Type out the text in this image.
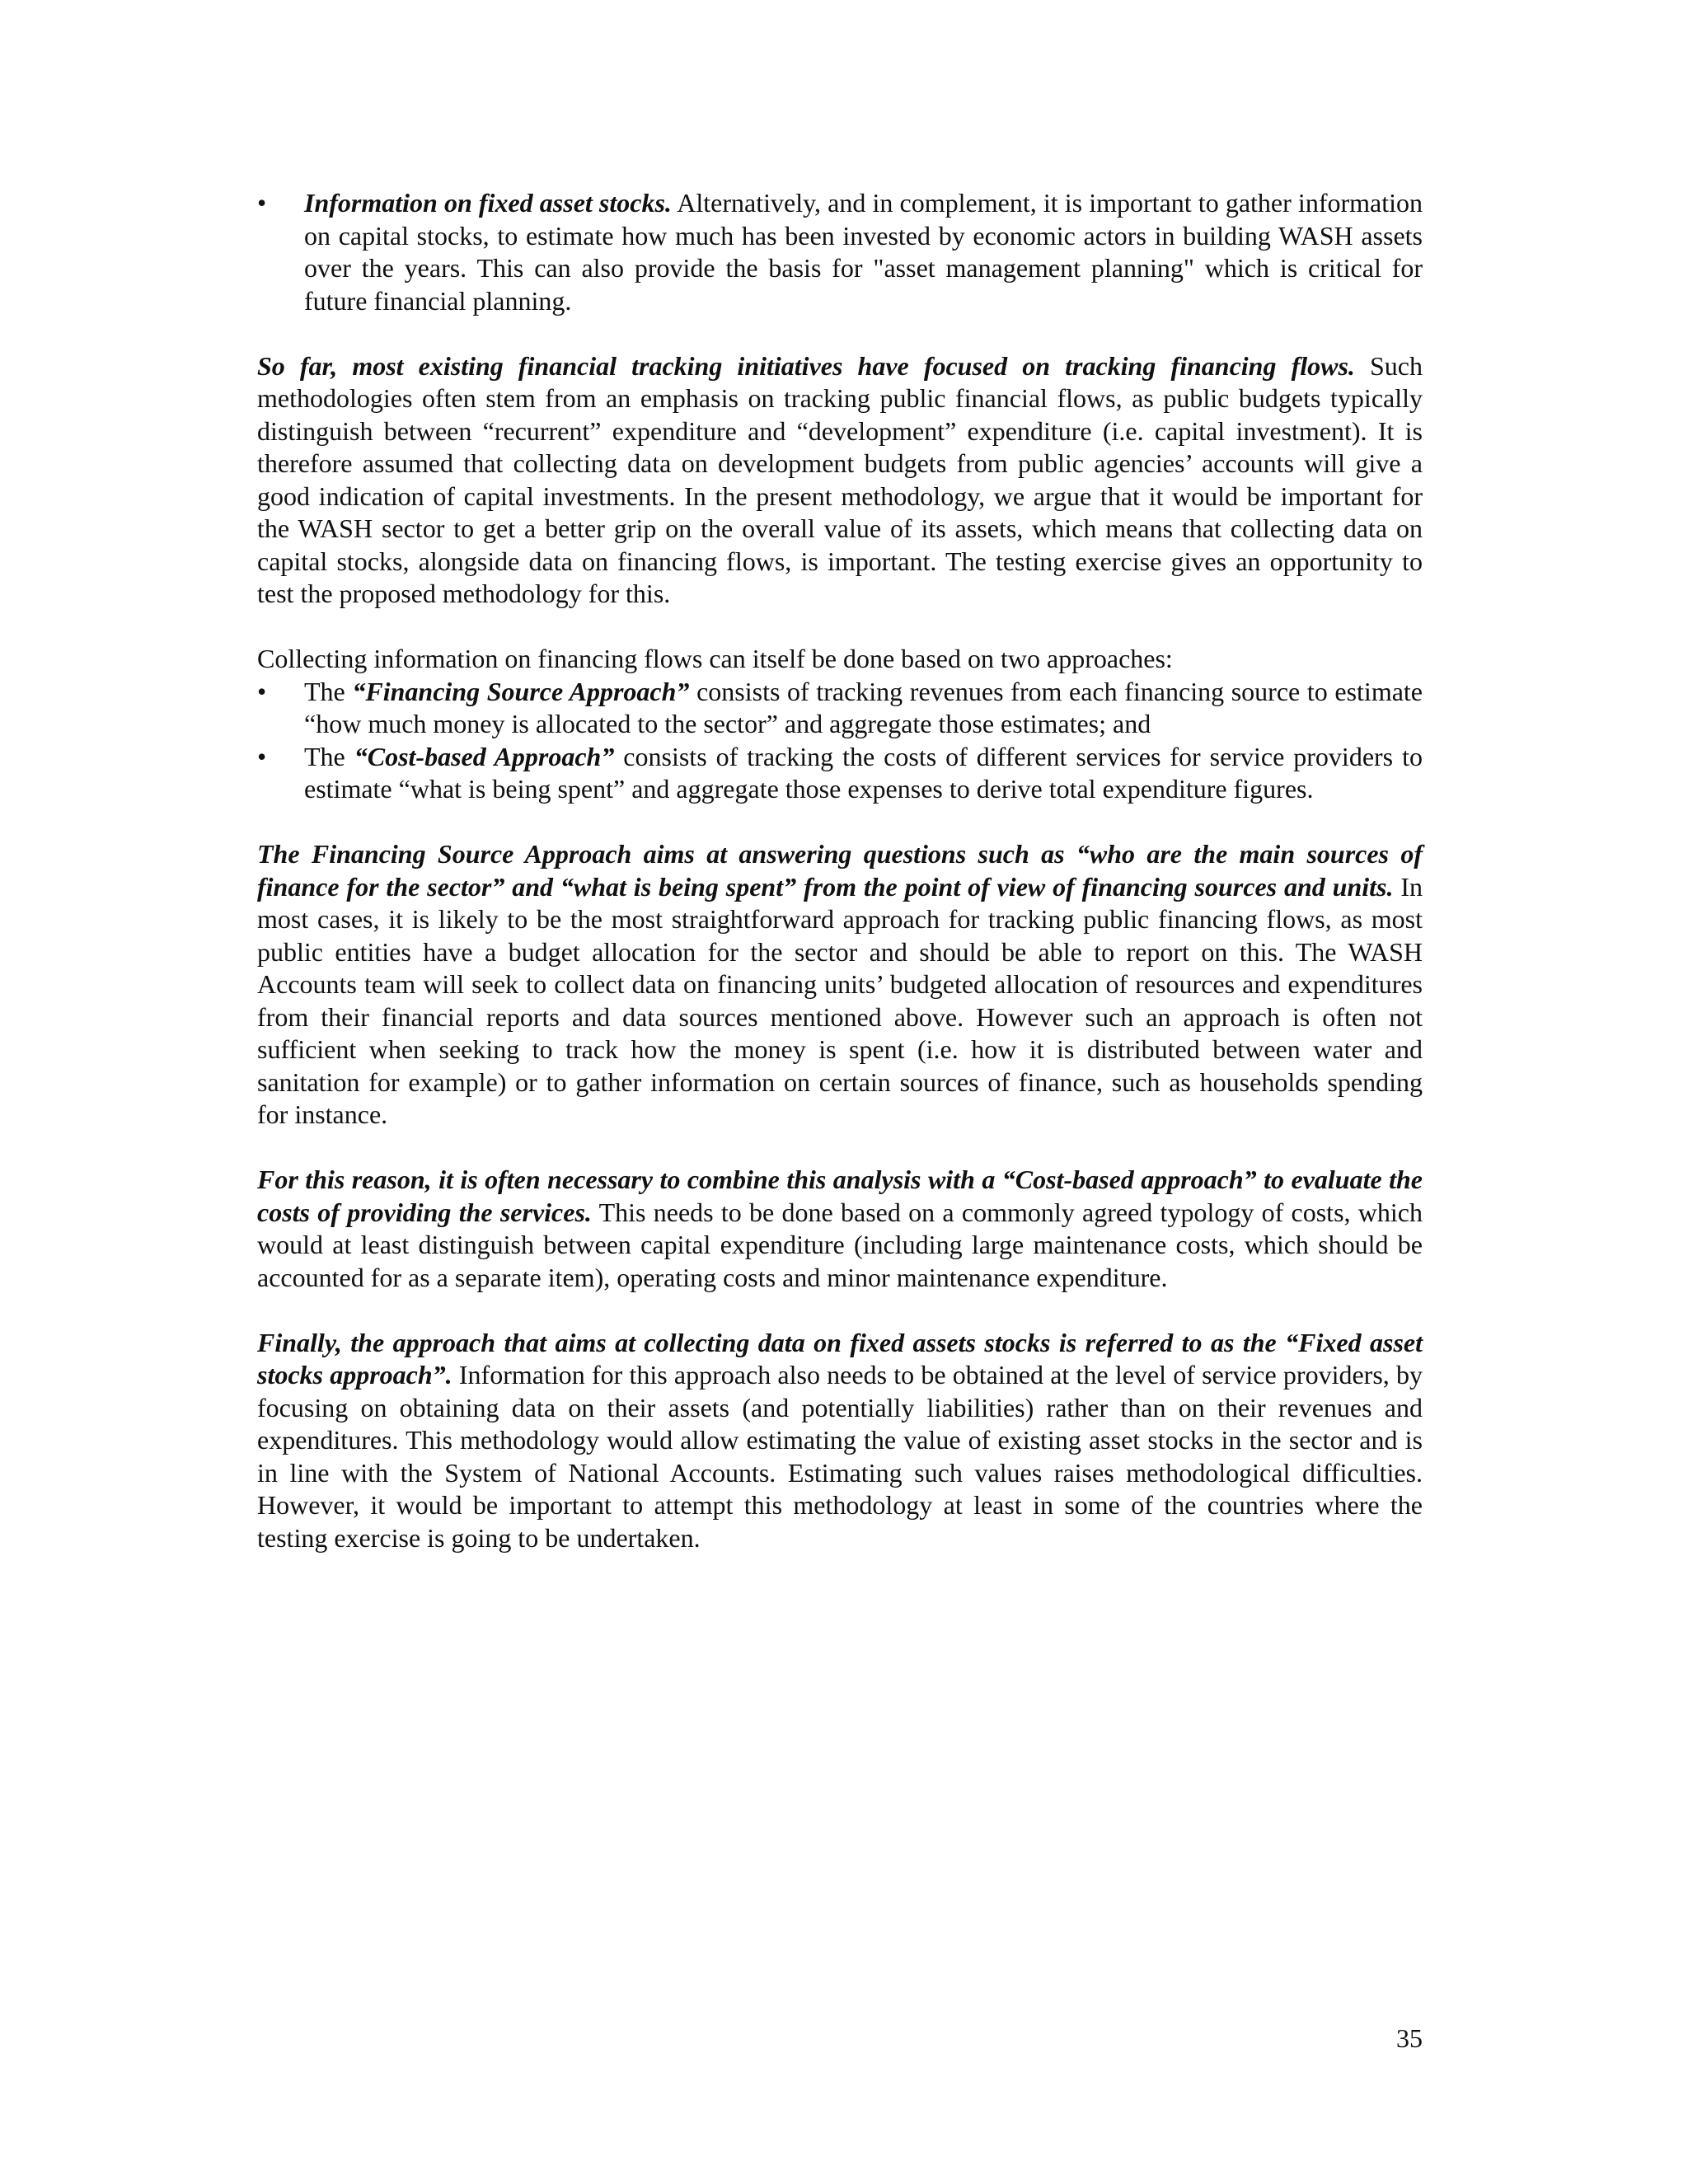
• Information on fixed asset stocks. Alternatively, and in complement, it is important to gather information on capital stocks, to estimate how much has been invested by economic actors in building WASH assets over the years. This can also provide the basis for "asset management planning" which is critical for future financial planning.

So far, most existing financial tracking initiatives have focused on tracking financing flows. Such methodologies often stem from an emphasis on tracking public financial flows, as public budgets typically distinguish between “recurrent” expenditure and “development” expenditure (i.e. capital investment). It is therefore assumed that collecting data on development budgets from public agencies’ accounts will give a good indication of capital investments. In the present methodology, we argue that it would be important for the WASH sector to get a better grip on the overall value of its assets, which means that collecting data on capital stocks, alongside data on financing flows, is important. The testing exercise gives an opportunity to test the proposed methodology for this.

Collecting information on financing flows can itself be done based on two approaches:

• The “Financing Source Approach” consists of tracking revenues from each financing source to estimate “how much money is allocated to the sector” and aggregate those estimates; and
• The “Cost-based Approach” consists of tracking the costs of different services for service providers to estimate “what is being spent” and aggregate those expenses to derive total expenditure figures.

The Financing Source Approach aims at answering questions such as “who are the main sources of finance for the sector” and “what is being spent” from the point of view of financing sources and units. In most cases, it is likely to be the most straightforward approach for tracking public financing flows, as most public entities have a budget allocation for the sector and should be able to report on this. The WASH Accounts team will seek to collect data on financing units’ budgeted allocation of resources and expenditures from their financial reports and data sources mentioned above. However such an approach is often not sufficient when seeking to track how the money is spent (i.e. how it is distributed between water and sanitation for example) or to gather information on certain sources of finance, such as households spending for instance.

For this reason, it is often necessary to combine this analysis with a “Cost-based approach” to evaluate the costs of providing the services. This needs to be done based on a commonly agreed typology of costs, which would at least distinguish between capital expenditure (including large maintenance costs, which should be accounted for as a separate item), operating costs and minor maintenance expenditure.

Finally, the approach that aims at collecting data on fixed assets stocks is referred to as the “Fixed asset stocks approach”. Information for this approach also needs to be obtained at the level of service providers, by focusing on obtaining data on their assets (and potentially liabilities) rather than on their revenues and expenditures. This methodology would allow estimating the value of existing asset stocks in the sector and is in line with the System of National Accounts. Estimating such values raises methodological difficulties. However, it would be important to attempt this methodology at least in some of the countries where the testing exercise is going to be undertaken.

35
